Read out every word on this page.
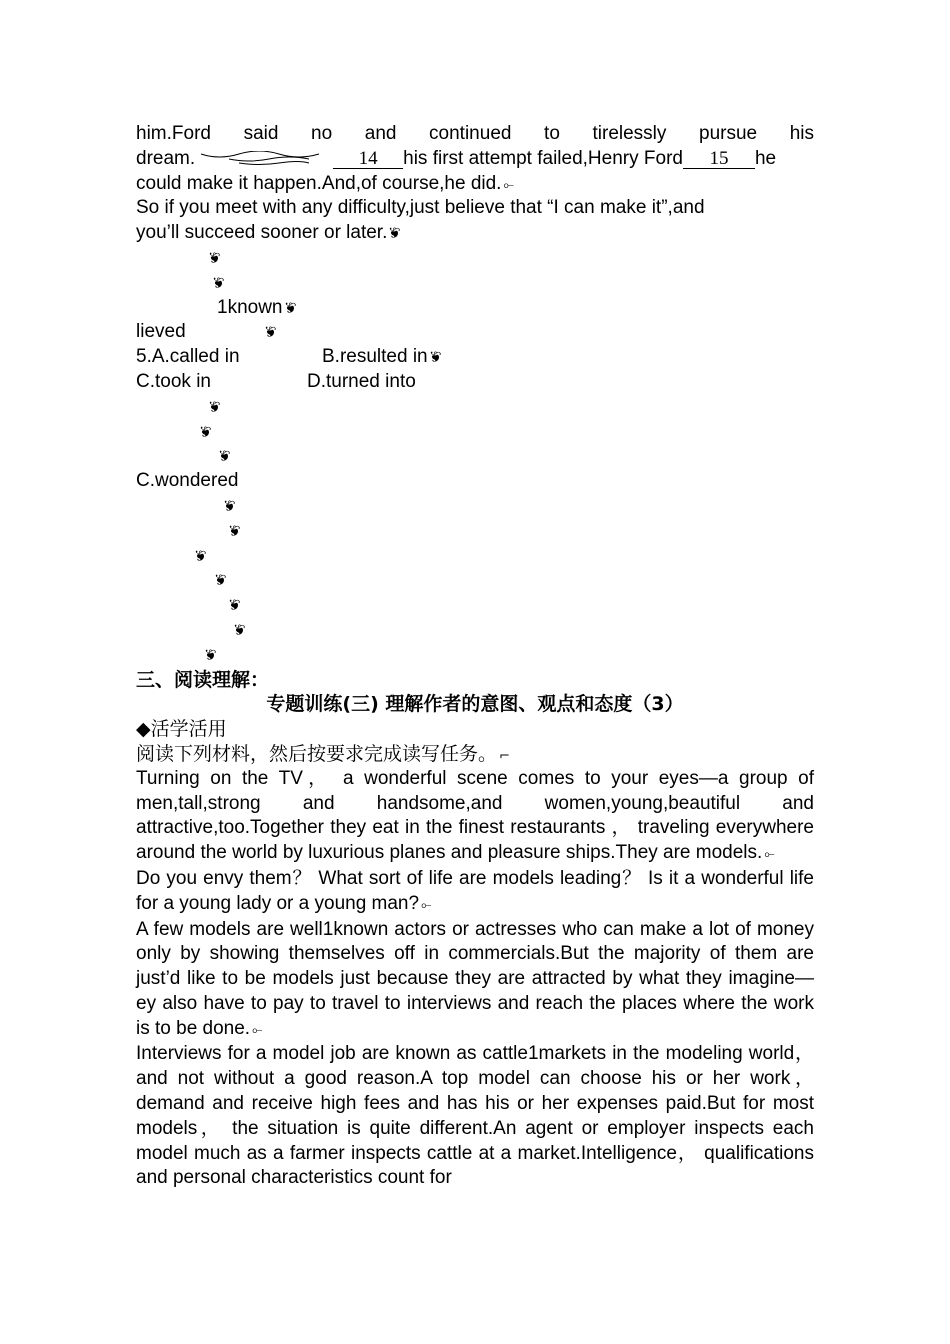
him.Ford said no and continued to tirelessly pursue his
dream.	14 his first attempt failed,Henry Ford 15 he
could make it happen.And,of course,he did. ⟜
So if you meet with any difficulty,just believe that “I can make it”,and
you’ll succeed sooner or later.❦
❦
❦
1known❦
lieved	❦
5.A.called in	B.resulted in❦
C.took in	D.turned into
❦
❦
❦
C.wondered
❦
❦
❦
❦
❦
❦
❦
三、阅读理解：
专题训练(三) 理解作者的意图、观点和态度（3）
◆活学活用
阅读下列材料，然后按要求完成读写任务。 ⌐
Turning on the TV， a wonderful scene comes to your eyes—a group of men,tall,strong and handsome,and women,young,beautiful and attractive,too.Together they eat in the finest restaurants ， traveling everywhere around the world by luxurious planes and pleasure ships.They are models. ⟜
Do you envy them？ What sort of life are models leading？ Is it a wonderful life for a young lady or a young man? ⟜
A few models are well1known actors or actresses who can make a lot of money only by showing themselves off in commercials.But the majority of them are just’d like to be models just because they are attracted by what they imagine—ey also have to pay to travel to interviews and reach the places where the work is to be done. ⟜
Interviews for a model job are known as cattle1markets in the modeling world， and not without a good reason.A top model can choose his or her work， demand and receive high fees and has his or her expenses paid.But for most models， the situation is quite different.An agent or employer inspects each model much as a farmer inspects cattle at a market.Intelligence， qualifications and personal characteristics count for
